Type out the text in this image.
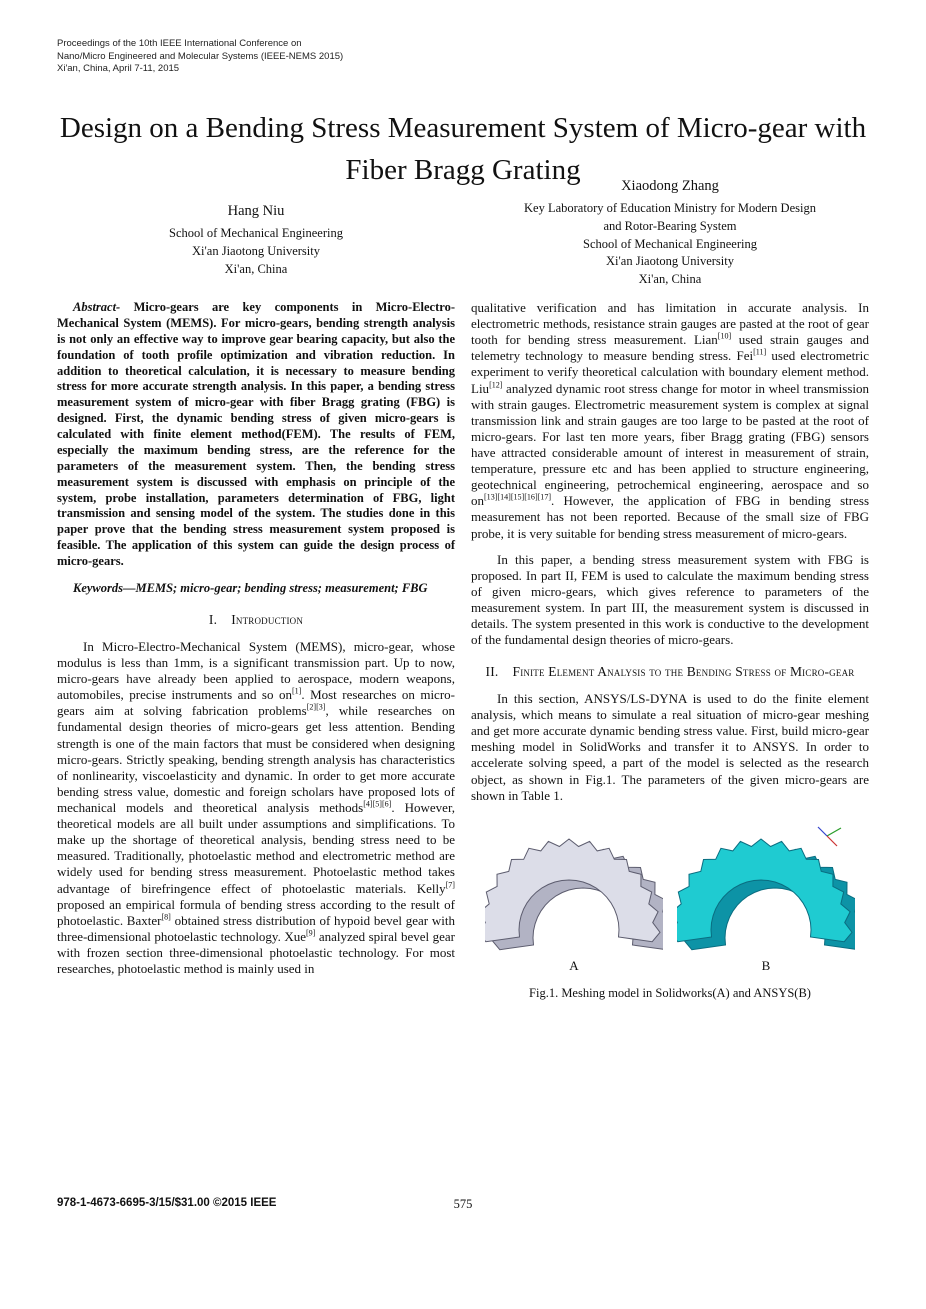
Proceedings of the 10th IEEE International Conference on
Nano/Micro Engineered and Molecular Systems (IEEE-NEMS 2015)
Xi'an, China, April 7-11, 2015
Design on a Bending Stress Measurement System of Micro-gear with Fiber Bragg Grating
Hang Niu
School of Mechanical Engineering
Xi'an Jiaotong University
Xi'an, China
Xiaodong Zhang
Key Laboratory of Education Ministry for Modern Design
and Rotor-Bearing System
School of Mechanical Engineering
Xi'an Jiaotong University
Xi'an, China

Abstract- Micro-gears are key components in Micro-Electro-Mechanical System (MEMS). For micro-gears, bending strength analysis is not only an effective way to improve gear bearing capacity, but also the foundation of tooth profile optimization and vibration reduction. In addition to theoretical calculation, it is necessary to measure bending stress for more accurate strength analysis. In this paper, a bending stress measurement system of micro-gear with fiber Bragg grating (FBG) is designed. First, the dynamic bending stress of given micro-gears is calculated with finite element method(FEM). The results of FEM, especially the maximum bending stress, are the reference for the parameters of the measurement system. Then, the bending stress measurement system is discussed with emphasis on principle of the system, probe installation, parameters determination of FBG, light transmission and sensing model of the system. The studies done in this paper prove that the bending stress measurement system proposed is feasible. The application of this system can guide the design process of micro-gears.

Keywords—MEMS; micro-gear; bending stress; measurement; FBG

I. Introduction

In Micro-Electro-Mechanical System (MEMS), micro-gear, whose modulus is less than 1mm, is a significant transmission part. Up to now, micro-gears have already been applied to aerospace, modern weapons, automobiles, precise instruments and so on[1]. Most researches on micro-gears aim at solving fabrication problems[2][3], while researches on fundamental design theories of micro-gears get less attention. Bending strength is one of the main factors that must be considered when designing micro-gears. Strictly speaking, bending strength analysis has characteristics of nonlinearity, viscoelasticity and dynamic. In order to get more accurate bending stress value, domestic and foreign scholars have proposed lots of mechanical models and theoretical analysis methods[4][5][6]. However, theoretical models are all built under assumptions and simplifications. To make up the shortage of theoretical analysis, bending stress need to be measured. Traditionally, photoelastic method and electrometric method are widely used for bending stress measurement. Photoelastic method takes advantage of birefringence effect of photoelastic materials. Kelly[7] proposed an empirical formula of bending stress according to the result of photoelastic. Baxter[8] obtained stress distribution of hypoid bevel gear with three-dimensional photoelastic technology. Xue[9] analyzed spiral bevel gear with frozen section three-dimensional photoelastic technology. For most researches, photoelastic method is mainly used in

qualitative verification and has limitation in accurate analysis. In electrometric methods, resistance strain gauges are pasted at the root of gear tooth for bending stress measurement. Lian[10] used strain gauges and telemetry technology to measure bending stress. Fei[11] used electrometric experiment to verify theoretical calculation with boundary element method. Liu[12] analyzed dynamic root stress change for motor in wheel transmission with strain gauges. Electrometric measurement system is complex at signal transmission link and strain gauges are too large to be pasted at the root of micro-gears. For last ten more years, fiber Bragg grating (FBG) sensors have attracted considerable amount of interest in measurement of strain, temperature, pressure etc and has been applied to structure engineering, geotechnical engineering, petrochemical engineering, aerospace and so on[13][14][15][16][17]. However, the application of FBG in bending stress measurement has not been reported. Because of the small size of FBG probe, it is very suitable for bending stress measurement of micro-gears.

In this paper, a bending stress measurement system with FBG is proposed. In part II, FEM is used to calculate the maximum bending stress of given micro-gears, which gives reference to parameters of the measurement system. In part III, the measurement system is discussed in details. The system presented in this work is conductive to the development of the fundamental design theories of micro-gears.

II. Finite Element Analysis to the Bending Stress of Micro-gear

In this section, ANSYS/LS-DYNA is used to do the finite element analysis, which means to simulate a real situation of micro-gear meshing and get more accurate dynamic bending stress value. First, build micro-gear meshing model in SolidWorks and transfer it to ANSYS. In order to accelerate solving speed, a part of the model is selected as the research object, as shown in Fig.1. The parameters of the given micro-gears are shown in Table 1.

A	B
Fig.1. Meshing model in Solidworks(A) and ANSYS(B)
978-1-4673-6695-3/15/$31.00 ©2015 IEEE	575
